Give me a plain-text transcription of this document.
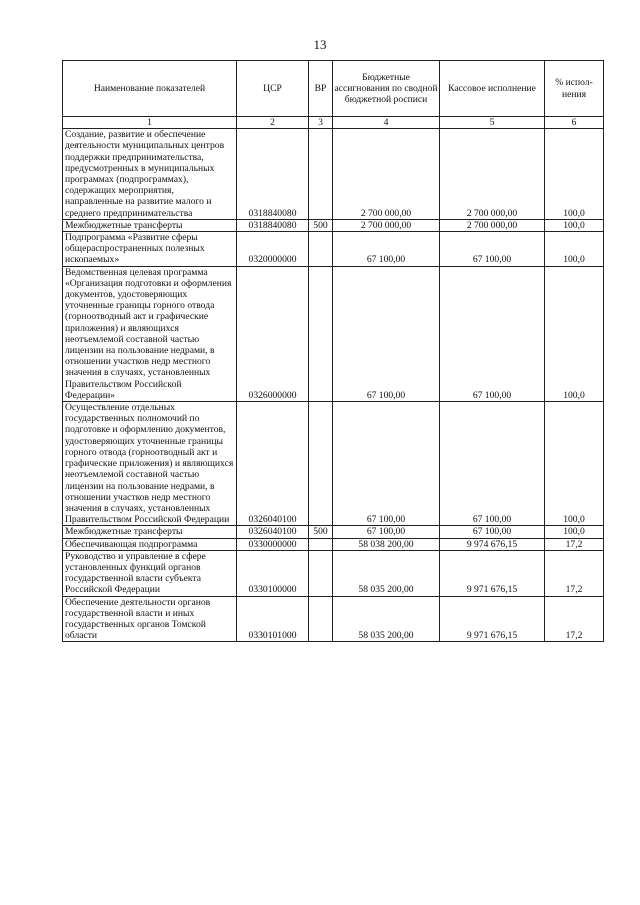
13
Наименование показателей	ЦСР	ВР	Бюджетные ассигнования по сводной бюджетной росписи	Кассовое исполнение	% испол-нения
1	2	3	4	5	6
Создание, развитие и обеспечение деятельности муниципальных центров поддержки предпринимательства, предусмотренных в муниципальных программах (подпрограммах), содержащих мероприятия, направленные на развитие малого и среднего предпринимательства	0318840080		2 700 000,00	2 700 000,00	100,0
Межбюджетные трансферты	0318840080	500	2 700 000,00	2 700 000,00	100,0
Подпрограмма «Развитие сферы общераспространенных полезных ископаемых»	0320000000		67 100,00	67 100,00	100,0
Ведомственная целевая программа «Организация подготовки и оформления документов, удостоверяющих уточненные границы горного отвода (горноотводный акт и графические приложения) и являющихся неотъемлемой составной частью лицензии на пользование недрами, в отношении участков недр местного значения в случаях, установленных Правительством Российской Федерации»	0326000000		67 100,00	67 100,00	100,0
Осуществление отдельных государственных полномочий по подготовке и оформлению документов, удостоверяющих уточненные границы горного отвода (горноотводный акт и графические приложения) и являющихся неотъемлемой составной частью лицензии на пользование недрами, в отношении участков недр местного значения в случаях, установленных Правительством Российской Федерации	0326040100		67 100,00	67 100,00	100,0
Межбюджетные трансферты	0326040100	500	67 100,00	67 100,00	100,0
Обеспечивающая подпрограмма	0330000000		58 038 200,00	9 974 676,15	17,2
Руководство и управление в сфере установленных функций органов государственной власти субъекта Российской Федерации	0330100000		58 035 200,00	9 971 676,15	17,2
Обеспечение деятельности органов государственной власти и иных государственных органов Томской области	0330101000		58 035 200,00	9 971 676,15	17,2
